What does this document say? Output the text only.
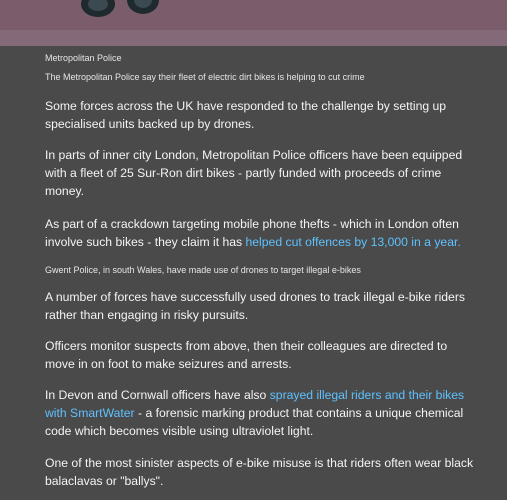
Metropolitan Police
The Metropolitan Police say their fleet of electric dirt bikes is helping to cut crime
Some forces across the UK have responded to the challenge by setting up specialised units backed up by drones.
In parts of inner city London, Metropolitan Police officers have been equipped with a fleet of 25 Sur-Ron dirt bikes - partly funded with proceeds of crime money.
As part of a crackdown targeting mobile phone thefts - which in London often involve such bikes - they claim it has helped cut offences by 13,000 in a year.
Gwent Police, in south Wales, have made use of drones to target illegal e-bikes
A number of forces have successfully used drones to track illegal e-bike riders rather than engaging in risky pursuits.
Officers monitor suspects from above, then their colleagues are directed to move in on foot to make seizures and arrests.
In Devon and Cornwall officers have also sprayed illegal riders and their bikes with SmartWater - a forensic marking product that contains a unique chemical code which becomes visible using ultraviolet light.
One of the most sinister aspects of e-bike misuse is that riders often wear black balaclavas or "ballys".
